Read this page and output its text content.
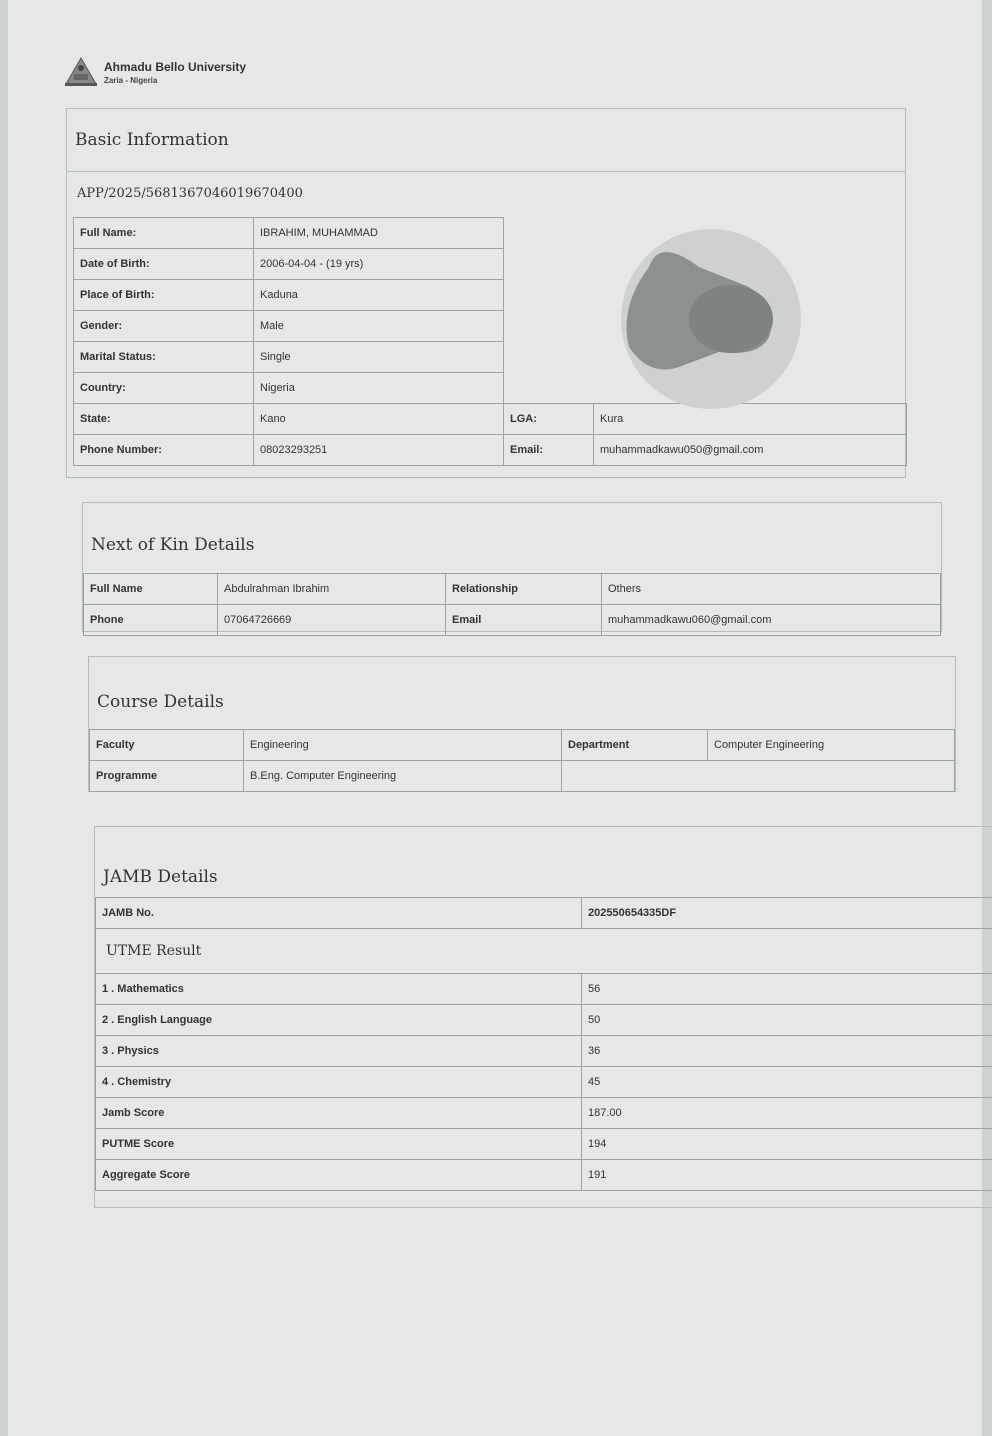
Ahmadu Bello University
Zaria - Nigeria
Basic Information
APP/2025/5681367046019670400
Full Name:	IBRAHIM, MUHAMMAD		
Date of Birth:	2006-04-04 - (19 yrs)		
Place of Birth:	Kaduna		
Gender:	Male		
Marital Status:	Single		
Country:	Nigeria		
State:	Kano	LGA:	Kura
Phone Number:	08023293251	Email:	muhammadkawu050@gmail.com
Next of Kin Details
Full Name	Abdulrahman Ibrahim	Relationship	Others
Phone	07064726669	Email	muhammadkawu060@gmail.com
Course Details
Faculty	Engineering	Department	Computer Engineering
Programme	B.Eng. Computer Engineering		
JAMB Details
JAMB No.	202550654335DF
UTME Result
1 . Mathematics	56
2 . English Language	50
3 . Physics	36
4 . Chemistry	45
Jamb Score	187.00
PUTME Score	194
Aggregate Score	191
